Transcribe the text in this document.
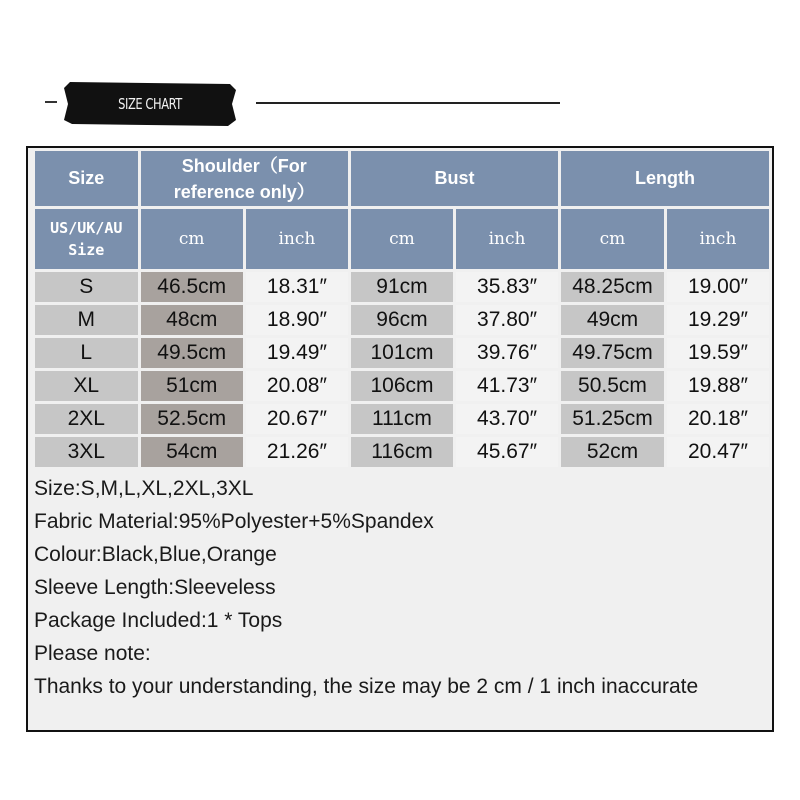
SIZE CHART
Size	Shoulder（For reference only）		Bust		Length	
US/UK/AU Size	cm	inch	cm	inch	cm	inch
S	46.5cm	18.31″	91cm	35.83″	48.25cm	19.00″
M	48cm	18.90″	96cm	37.80″	49cm	19.29″
L	49.5cm	19.49″	101cm	39.76″	49.75cm	19.59″
XL	51cm	20.08″	106cm	41.73″	50.5cm	19.88″
2XL	52.5cm	20.67″	111cm	43.70″	51.25cm	20.18″
3XL	54cm	21.26″	116cm	45.67″	52cm	20.47″
Size:S,M,L,XL,2XL,3XL
Fabric Material:95%Polyester+5%Spandex
Colour:Black,Blue,Orange
Sleeve Length:Sleeveless
Package Included:1 * Tops
Please note:
Thanks to your understanding, the size may be 2 cm / 1 inch inaccurate
